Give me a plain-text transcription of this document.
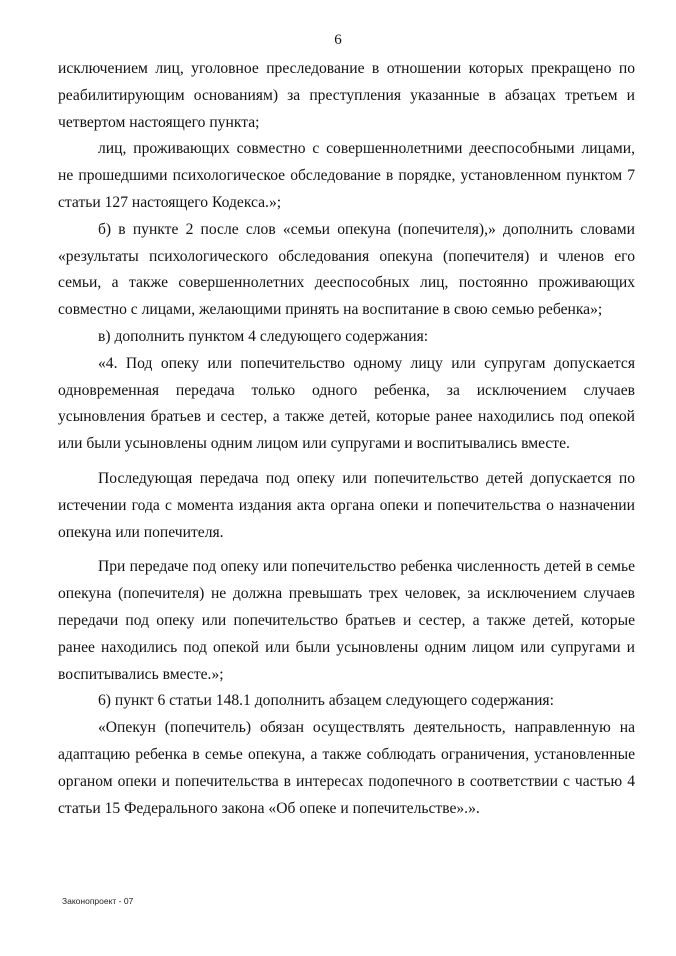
6

исключением лиц, уголовное преследование в отношении которых прекращено по реабилитирующим основаниям) за преступления указанные в абзацах третьем и четвертом настоящего пункта;

лиц, проживающих совместно с совершеннолетними дееспособными лицами, не прошедшими психологическое обследование в порядке, установленном пунктом 7 статьи 127 настоящего Кодекса.»;

б) в пункте 2 после слов «семьи опекуна (попечителя),» дополнить словами «результаты психологического обследования опекуна (попечителя) и членов его семьи, а также совершеннолетних дееспособных лиц, постоянно проживающих совместно с лицами, желающими принять на воспитание в свою семью ребенка»;

в) дополнить пунктом 4 следующего содержания:

«4. Под опеку или попечительство одному лицу или супругам допускается одновременная передача только одного ребенка, за исключением случаев усыновления братьев и сестер, а также детей, которые ранее находились под опекой или были усыновлены одним лицом или супругами и воспитывались вместе.

Последующая передача под опеку или попечительство детей допускается по истечении года с момента издания акта органа опеки и попечительства о назначении опекуна или попечителя.

При передаче под опеку или попечительство ребенка численность детей в семье опекуна (попечителя) не должна превышать трех человек, за исключением случаев передачи под опеку или попечительство братьев и сестер, а также детей, которые ранее находились под опекой или были усыновлены одним лицом или супругами и воспитывались вместе.»;

6) пункт 6 статьи 148.1 дополнить абзацем следующего содержания:

«Опекун (попечитель) обязан осуществлять деятельность, направленную на адаптацию ребенка в семье опекуна, а также соблюдать ограничения, установленные органом опеки и попечительства в интересах подопечного в соответствии с частью 4 статьи 15 Федерального закона «Об опеке и попечительстве».».

Законопроект - 07
